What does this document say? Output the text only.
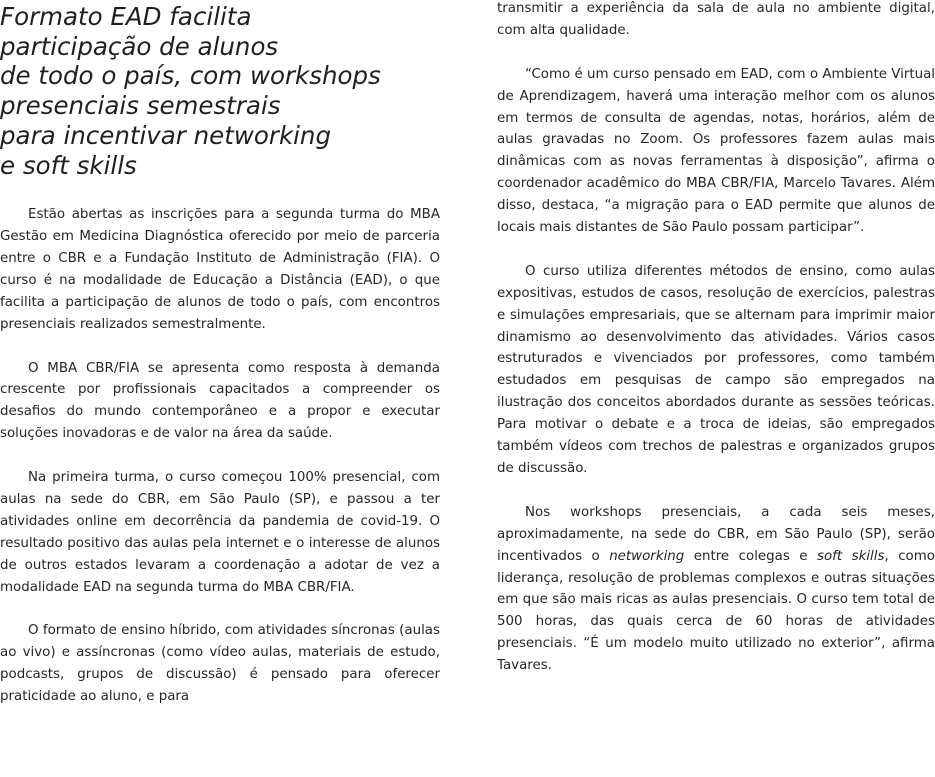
Formato EAD facilita
participação de alunos
de todo o país, com workshops
presenciais semestrais
para incentivar networking
e soft skills

Estão abertas as inscrições para a segunda turma do MBA Gestão em Medicina Diagnóstica oferecido por meio de parceria entre o CBR e a Fundação Instituto de Administração (FIA). O curso é na modalidade de Educação a Distância (EAD), o que facilita a participação de alunos de todo o país, com encontros presenciais realizados semestralmente.

O MBA CBR/FIA se apresenta como resposta à demanda crescente por profissionais capacitados a compreender os desafios do mundo contemporâneo e a propor e executar soluções inovadoras e de valor na área da saúde.

Na primeira turma, o curso começou 100% presencial, com aulas na sede do CBR, em São Paulo (SP), e passou a ter atividades online em decorrência da pandemia de covid-19. O resultado positivo das aulas pela internet e o interesse de alunos de outros estados levaram a coordenação a adotar de vez a modalidade EAD na segunda turma do MBA CBR/FIA.

O formato de ensino híbrido, com atividades síncronas (aulas ao vivo) e assíncronas (como vídeo aulas, materiais de estudo, podcasts, grupos de discussão) é pensado para oferecer praticidade ao aluno, e para

transmitir a experiência da sala de aula no ambiente digital, com alta qualidade.

“Como é um curso pensado em EAD, com o Ambiente Virtual de Aprendizagem, haverá uma interação melhor com os alunos em termos de consulta de agendas, notas, horários, além de aulas gravadas no Zoom. Os professores fazem aulas mais dinâmicas com as novas ferramentas à disposição”, afirma o coordenador acadêmico do MBA CBR/FIA, Marcelo Tavares. Além disso, destaca, “a migração para o EAD permite que alunos de locais mais distantes de São Paulo possam participar”.

O curso utiliza diferentes métodos de ensino, como aulas expositivas, estudos de casos, resolução de exercícios, palestras e simulações empresariais, que se alternam para imprimir maior dinamismo ao desenvolvimento das atividades. Vários casos estruturados e vivenciados por professores, como também estudados em pesquisas de campo são empregados na ilustração dos conceitos abordados durante as sessões teóricas. Para motivar o debate e a troca de ideias, são empregados também vídeos com trechos de palestras e organizados grupos de discussão.

Nos workshops presenciais, a cada seis meses, aproximadamente, na sede do CBR, em São Paulo (SP), serão incentivados o networking entre colegas e soft skills, como liderança, resolução de problemas complexos e outras situações em que são mais ricas as aulas presenciais. O curso tem total de 500 horas, das quais cerca de 60 horas de atividades presenciais. “É um modelo muito utilizado no exterior”, afirma Tavares.
